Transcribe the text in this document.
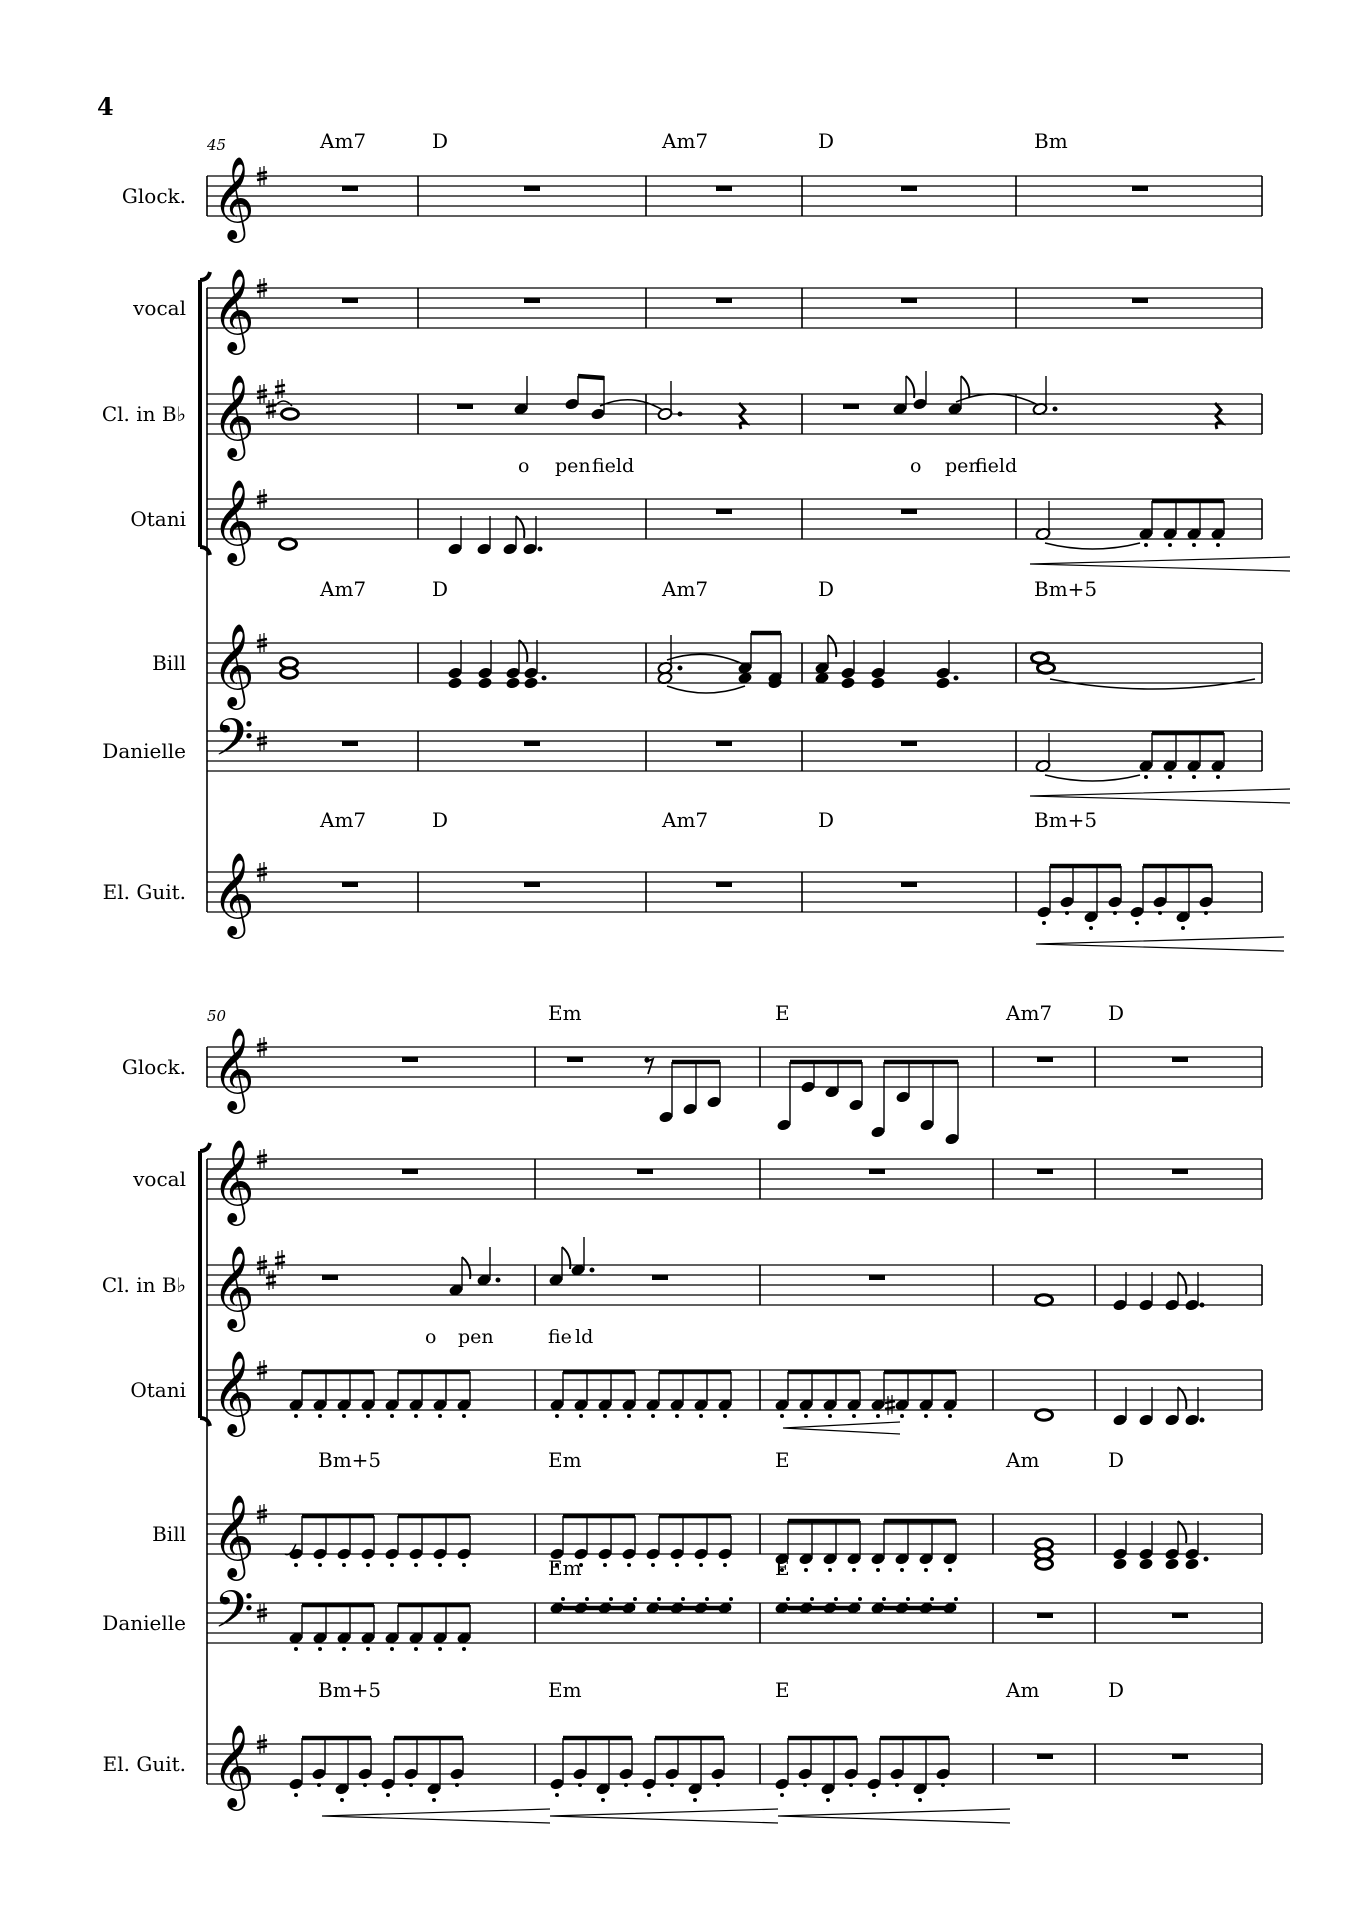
𝄞
𝄞
𝄞
𝄞
𝄞
𝄢
𝄞
𝄞
𝄞
𝄞
𝄞
𝄞
𝄢
𝄞
4
45
Glock.
vocal
Cl. in B♭
Otani
Bill
Danielle
El. Guit.
Am7	D	Am7	D	Bm
Am7	D	Am7	D	Bm+5
Am7	D	Am7	D	Bm+5
o pen field	o pen
field
50
Glock.
vocal
Cl. in B♭
Otani
Bill
Danielle
El. Guit.
Em	E	Am7	D
Bm+5	Em	E	Am	D
Em	E
Bm+5	Em	E	Am	D
o pen	fie ld
